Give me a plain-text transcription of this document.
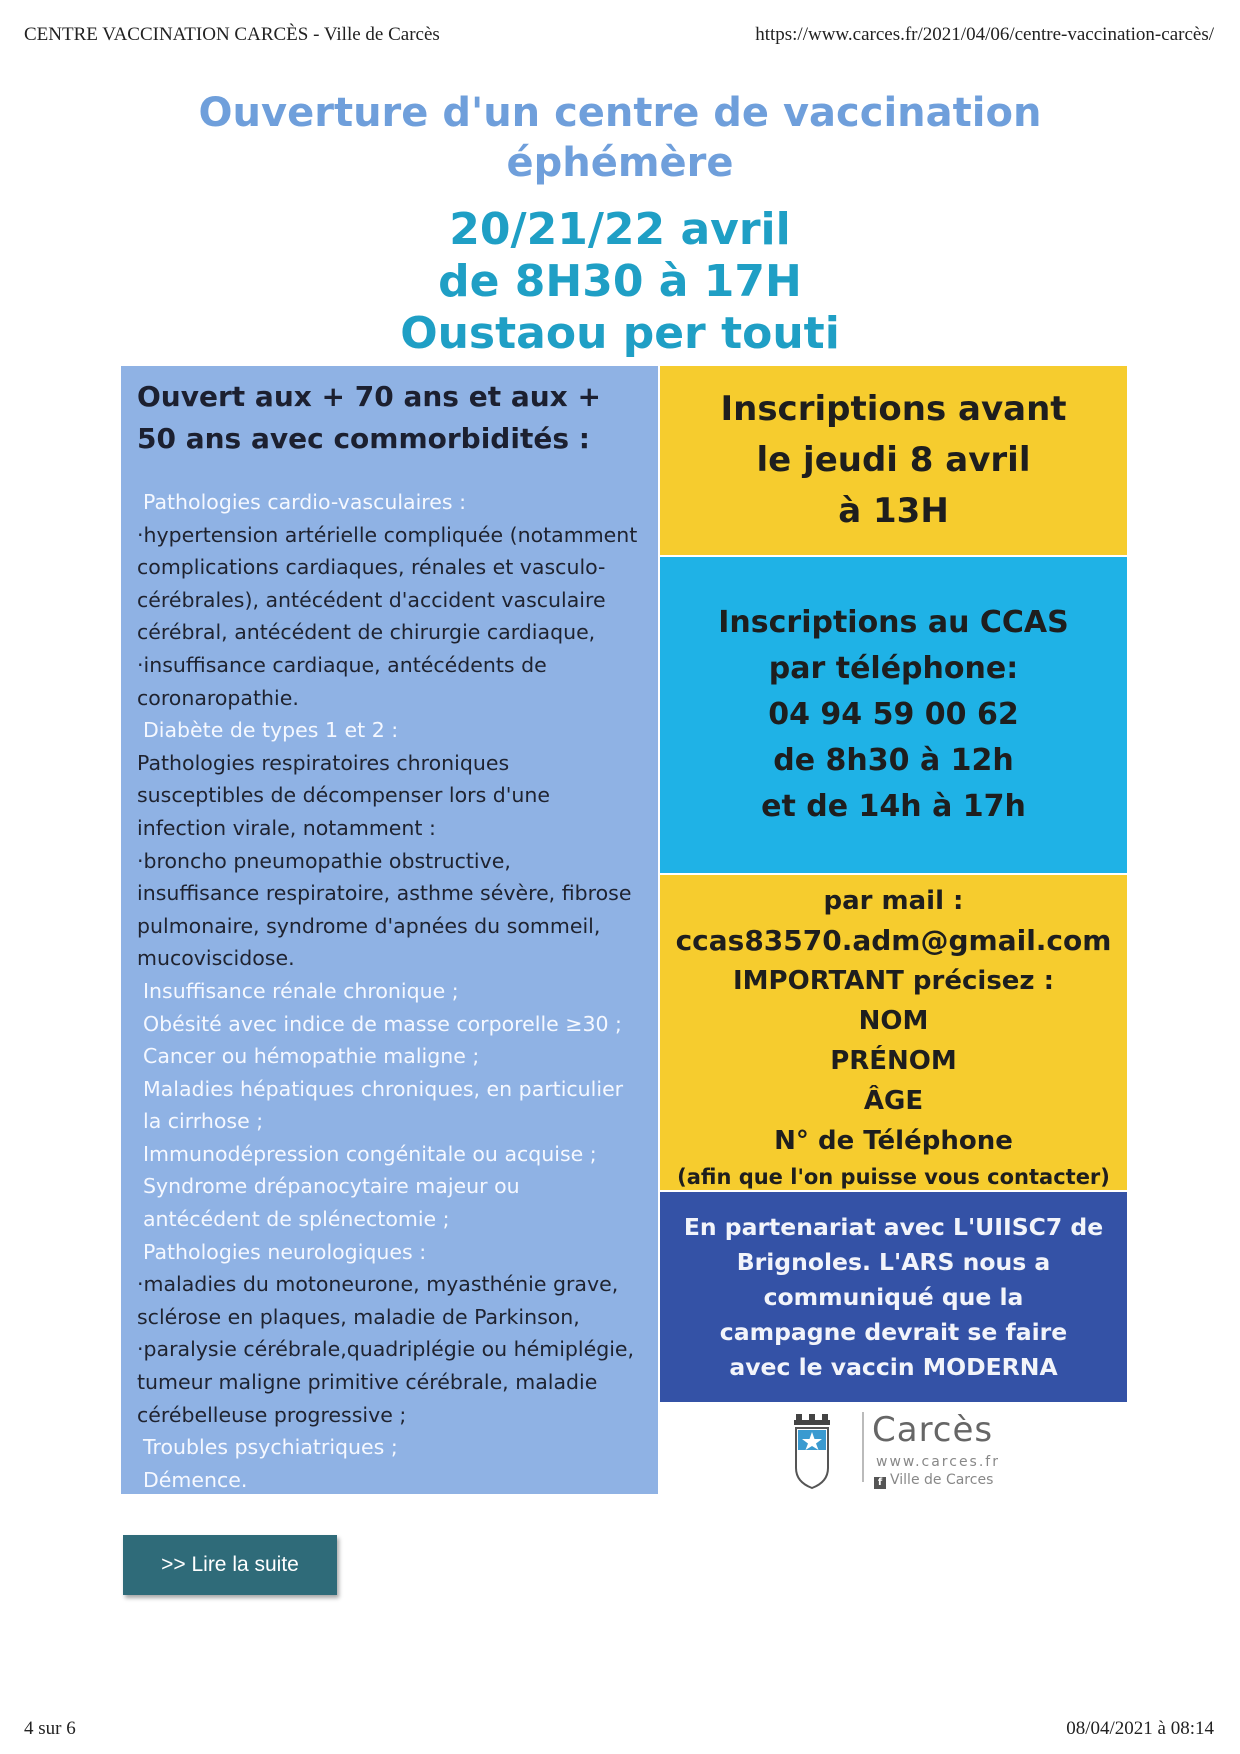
CENTRE VACCINATION CARCÈS - Ville de Carcès	https://www.carces.fr/2021/04/06/centre-vaccination-carcès/
Ouverture d'un centre de vaccination
éphémère
20/21/22 avril
de 8H30 à 17H
Oustaou per touti
Ouvert aux + 70 ans et aux +
50 ans avec commorbidités :
Pathologies cardio-vasculaires :
·hypertension artérielle compliquée (notamment
complications cardiaques, rénales et vasculo-
cérébrales), antécédent d'accident vasculaire
cérébral, antécédent de chirurgie cardiaque,
·insuffisance cardiaque, antécédents de
coronaropathie.
Diabète de types 1 et 2 :
Pathologies respiratoires chroniques
susceptibles de décompenser lors d'une
infection virale, notamment :
·broncho pneumopathie obstructive,
insuffisance respiratoire, asthme sévère, fibrose
pulmonaire, syndrome d'apnées du sommeil,
mucoviscidose.
Insuffisance rénale chronique ;
Obésité avec indice de masse corporelle ≥30 ;
Cancer ou hémopathie maligne ;
Maladies hépatiques chroniques, en particulier
la cirrhose ;
Immunodépression congénitale ou acquise ;
Syndrome drépanocytaire majeur ou
antécédent de splénectomie ;
Pathologies neurologiques :
·maladies du motoneurone, myasthénie grave,
sclérose en plaques, maladie de Parkinson,
·paralysie cérébrale,quadriplégie ou hémiplégie,
tumeur maligne primitive cérébrale, maladie
cérébelleuse progressive ;
Troubles psychiatriques ;
Démence.
Inscriptions avant
le jeudi 8 avril
à 13H
Inscriptions au CCAS
par téléphone:
04 94 59 00 62
de 8h30 à 12h
et de 14h à 17h
par mail :
ccas83570.adm@gmail.com
IMPORTANT précisez :
NOM
PRÉNOM
ÂGE
N° de Téléphone
(afin que l'on puisse vous contacter)
En partenariat avec L'UIISC7 de
Brignoles. L'ARS nous a
communiqué que la
campagne devrait se faire
avec le vaccin MODERNA
Carcès
www.carces.fr
f Ville de Carces
>> Lire la suite
4 sur 6	08/04/2021 à 08:14
